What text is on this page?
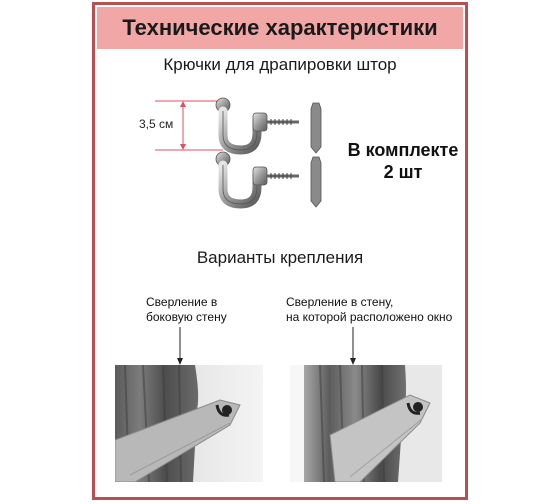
Технические характеристики
Крючки для драпировки штор
3,5 см
В комплекте
2 шт
Варианты крепления
Сверление в
боковую стену
Сверление в стену,
на которой расположено окно
